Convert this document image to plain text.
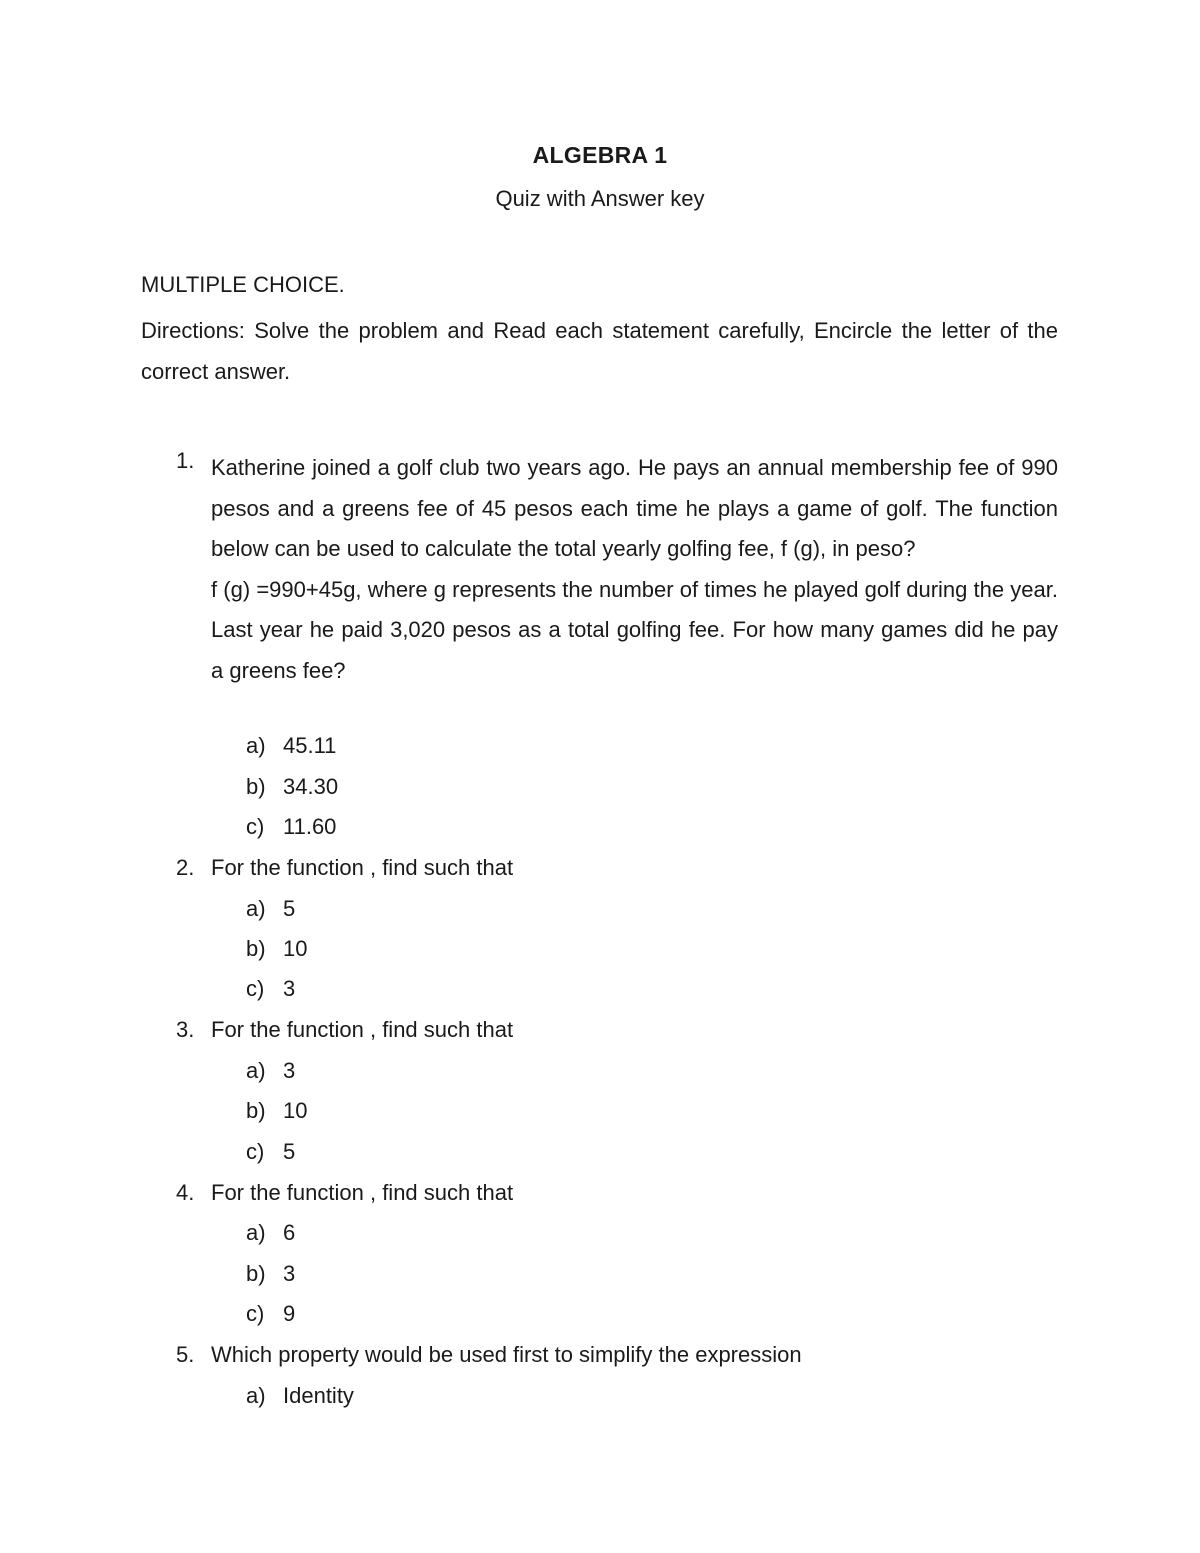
ALGEBRA 1
Quiz with Answer key
MULTIPLE CHOICE.
Directions: Solve the problem and Read each statement carefully, Encircle the letter of the correct answer.
1. Katherine joined a golf club two years ago. He pays an annual membership fee of 990 pesos and a greens fee of 45 pesos each time he plays a game of golf. The function below can be used to calculate the total yearly golfing fee, f (g), in peso?
f (g) =990+45g, where g represents the number of times he played golf during the year. Last year he paid 3,020 pesos as a total golfing fee. For how many games did he pay a greens fee?
a) 45.11
b) 34.30
c) 11.60
2. For the function , find such that
a) 5
b) 10
c) 3
3. For the function , find such that
a) 3
b) 10
c) 5
4. For the function , find such that
a) 6
b) 3
c) 9
5. Which property would be used first to simplify the expression
a) Identity
